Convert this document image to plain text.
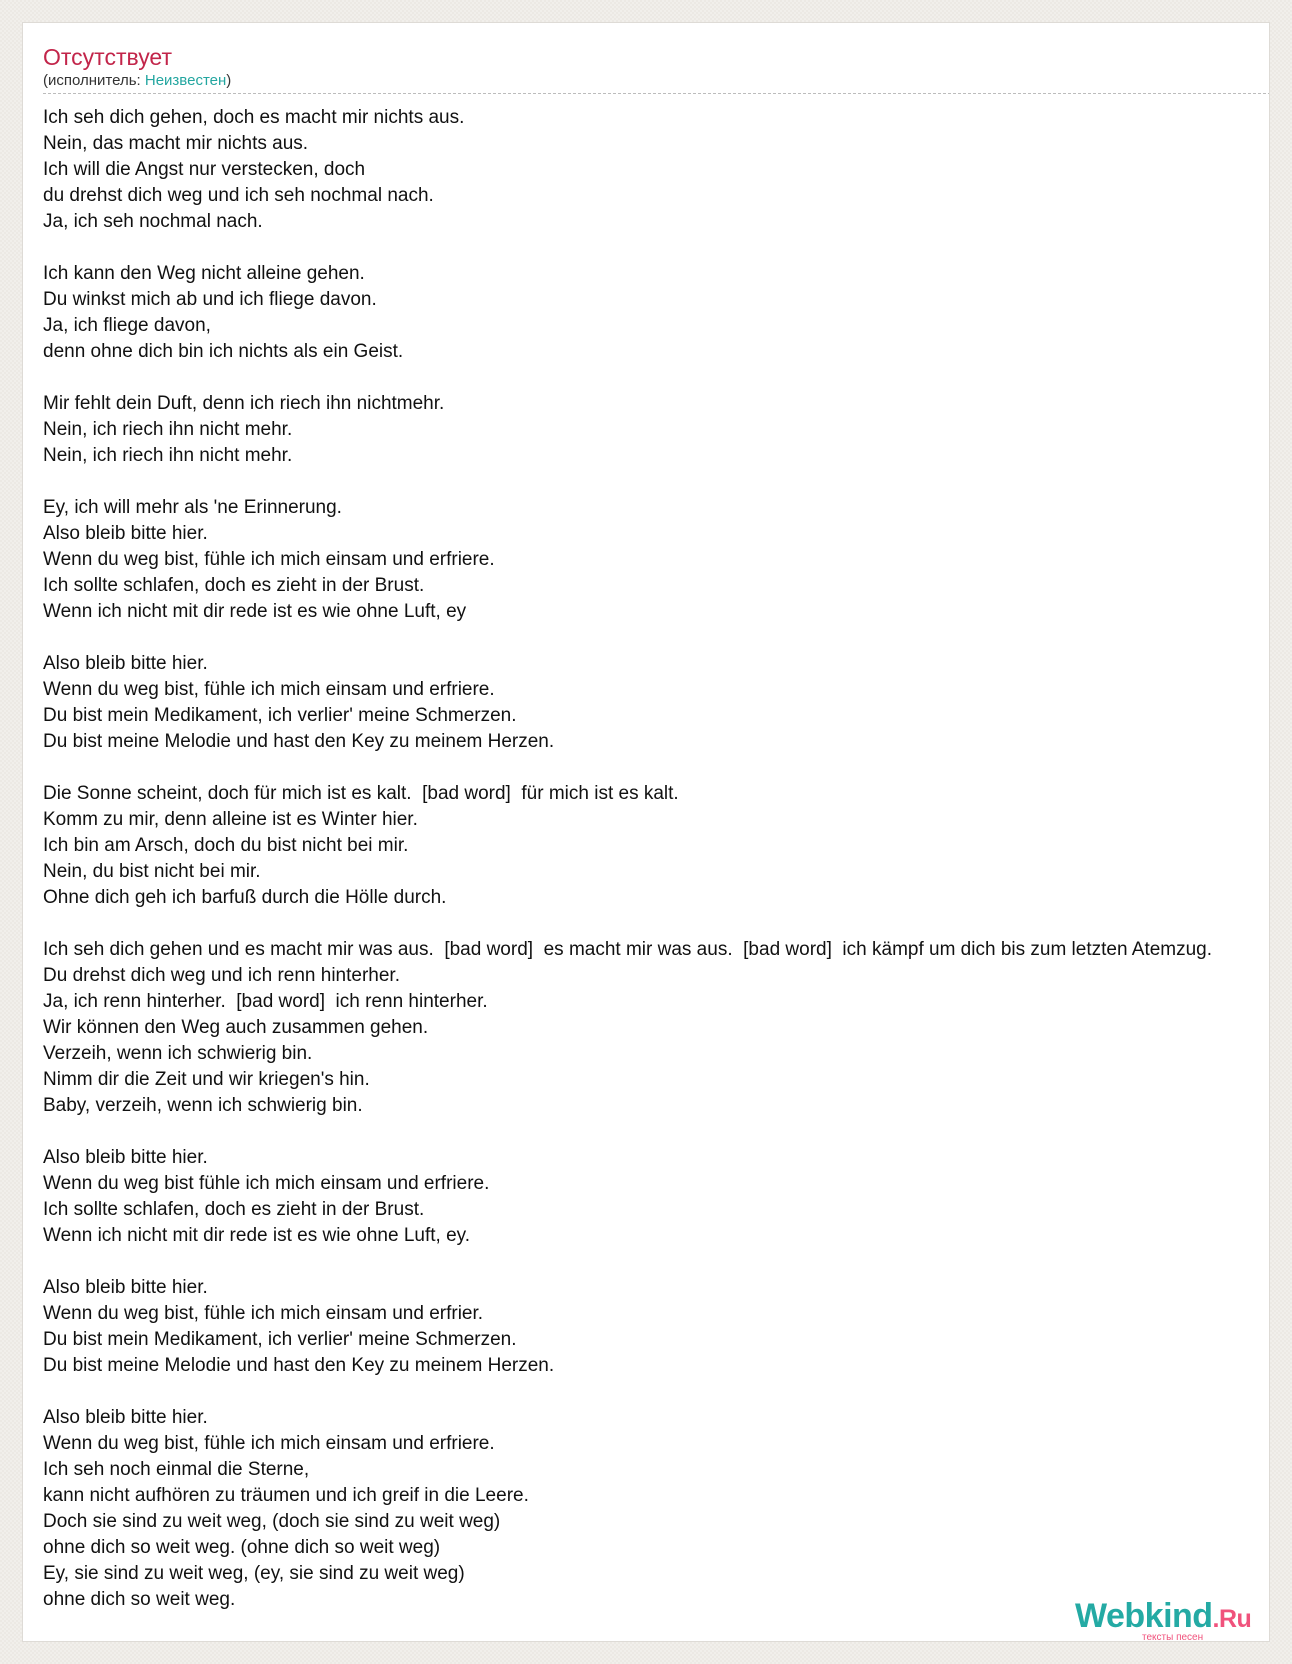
Отсутствует
(исполнитель: Неизвестен)
Ich seh dich gehen, doch es macht mir nichts aus.
Nein, das macht mir nichts aus.
Ich will die Angst nur verstecken, doch
du drehst dich weg und ich seh nochmal nach.
Ja, ich seh nochmal nach.
Ich kann den Weg nicht alleine gehen.
Du winkst mich ab und ich fliege davon.
Ja, ich fliege davon,
denn ohne dich bin ich nichts als ein Geist.
Mir fehlt dein Duft, denn ich riech ihn nichtmehr.
Nein, ich riech ihn nicht mehr.
Nein, ich riech ihn nicht mehr.
Ey, ich will mehr als 'ne Erinnerung.
Also bleib bitte hier.
Wenn du weg bist, fühle ich mich einsam und erfriere.
Ich sollte schlafen, doch es zieht in der Brust.
Wenn ich nicht mit dir rede ist es wie ohne Luft, ey
Also bleib bitte hier.
Wenn du weg bist, fühle ich mich einsam und erfriere.
Du bist mein Medikament, ich verlier' meine Schmerzen.
Du bist meine Melodie und hast den Key zu meinem Herzen.
Die Sonne scheint, doch für mich ist es kalt.  [bad word]  für mich ist es kalt.
Komm zu mir, denn alleine ist es Winter hier.
Ich bin am Arsch, doch du bist nicht bei mir.
Nein, du bist nicht bei mir.
Ohne dich geh ich barfuß durch die Hölle durch.
Ich seh dich gehen und es macht mir was aus.  [bad word]  es macht mir was aus.  [bad word]  ich kämpf um dich bis zum letzten Atemzug.
Du drehst dich weg und ich renn hinterher.
Ja, ich renn hinterher.  [bad word]  ich renn hinterher.
Wir können den Weg auch zusammen gehen.
Verzeih, wenn ich schwierig bin.
Nimm dir die Zeit und wir kriegen's hin.
Baby, verzeih, wenn ich schwierig bin.
Also bleib bitte hier.
Wenn du weg bist fühle ich mich einsam und erfriere.
Ich sollte schlafen, doch es zieht in der Brust.
Wenn ich nicht mit dir rede ist es wie ohne Luft, ey.
Also bleib bitte hier.
Wenn du weg bist, fühle ich mich einsam und erfrier.
Du bist mein Medikament, ich verlier' meine Schmerzen.
Du bist meine Melodie und hast den Key zu meinem Herzen.
Also bleib bitte hier.
Wenn du weg bist, fühle ich mich einsam und erfriere.
Ich seh noch einmal die Sterne,
kann nicht aufhören zu träumen und ich greif in die Leere.
Doch sie sind zu weit weg, (doch sie sind zu weit weg)
ohne dich so weit weg. (ohne dich so weit weg)
Ey, sie sind zu weit weg, (ey, sie sind zu weit weg)
ohne dich so weit weg.	Webkind.Ru
тексты песен
